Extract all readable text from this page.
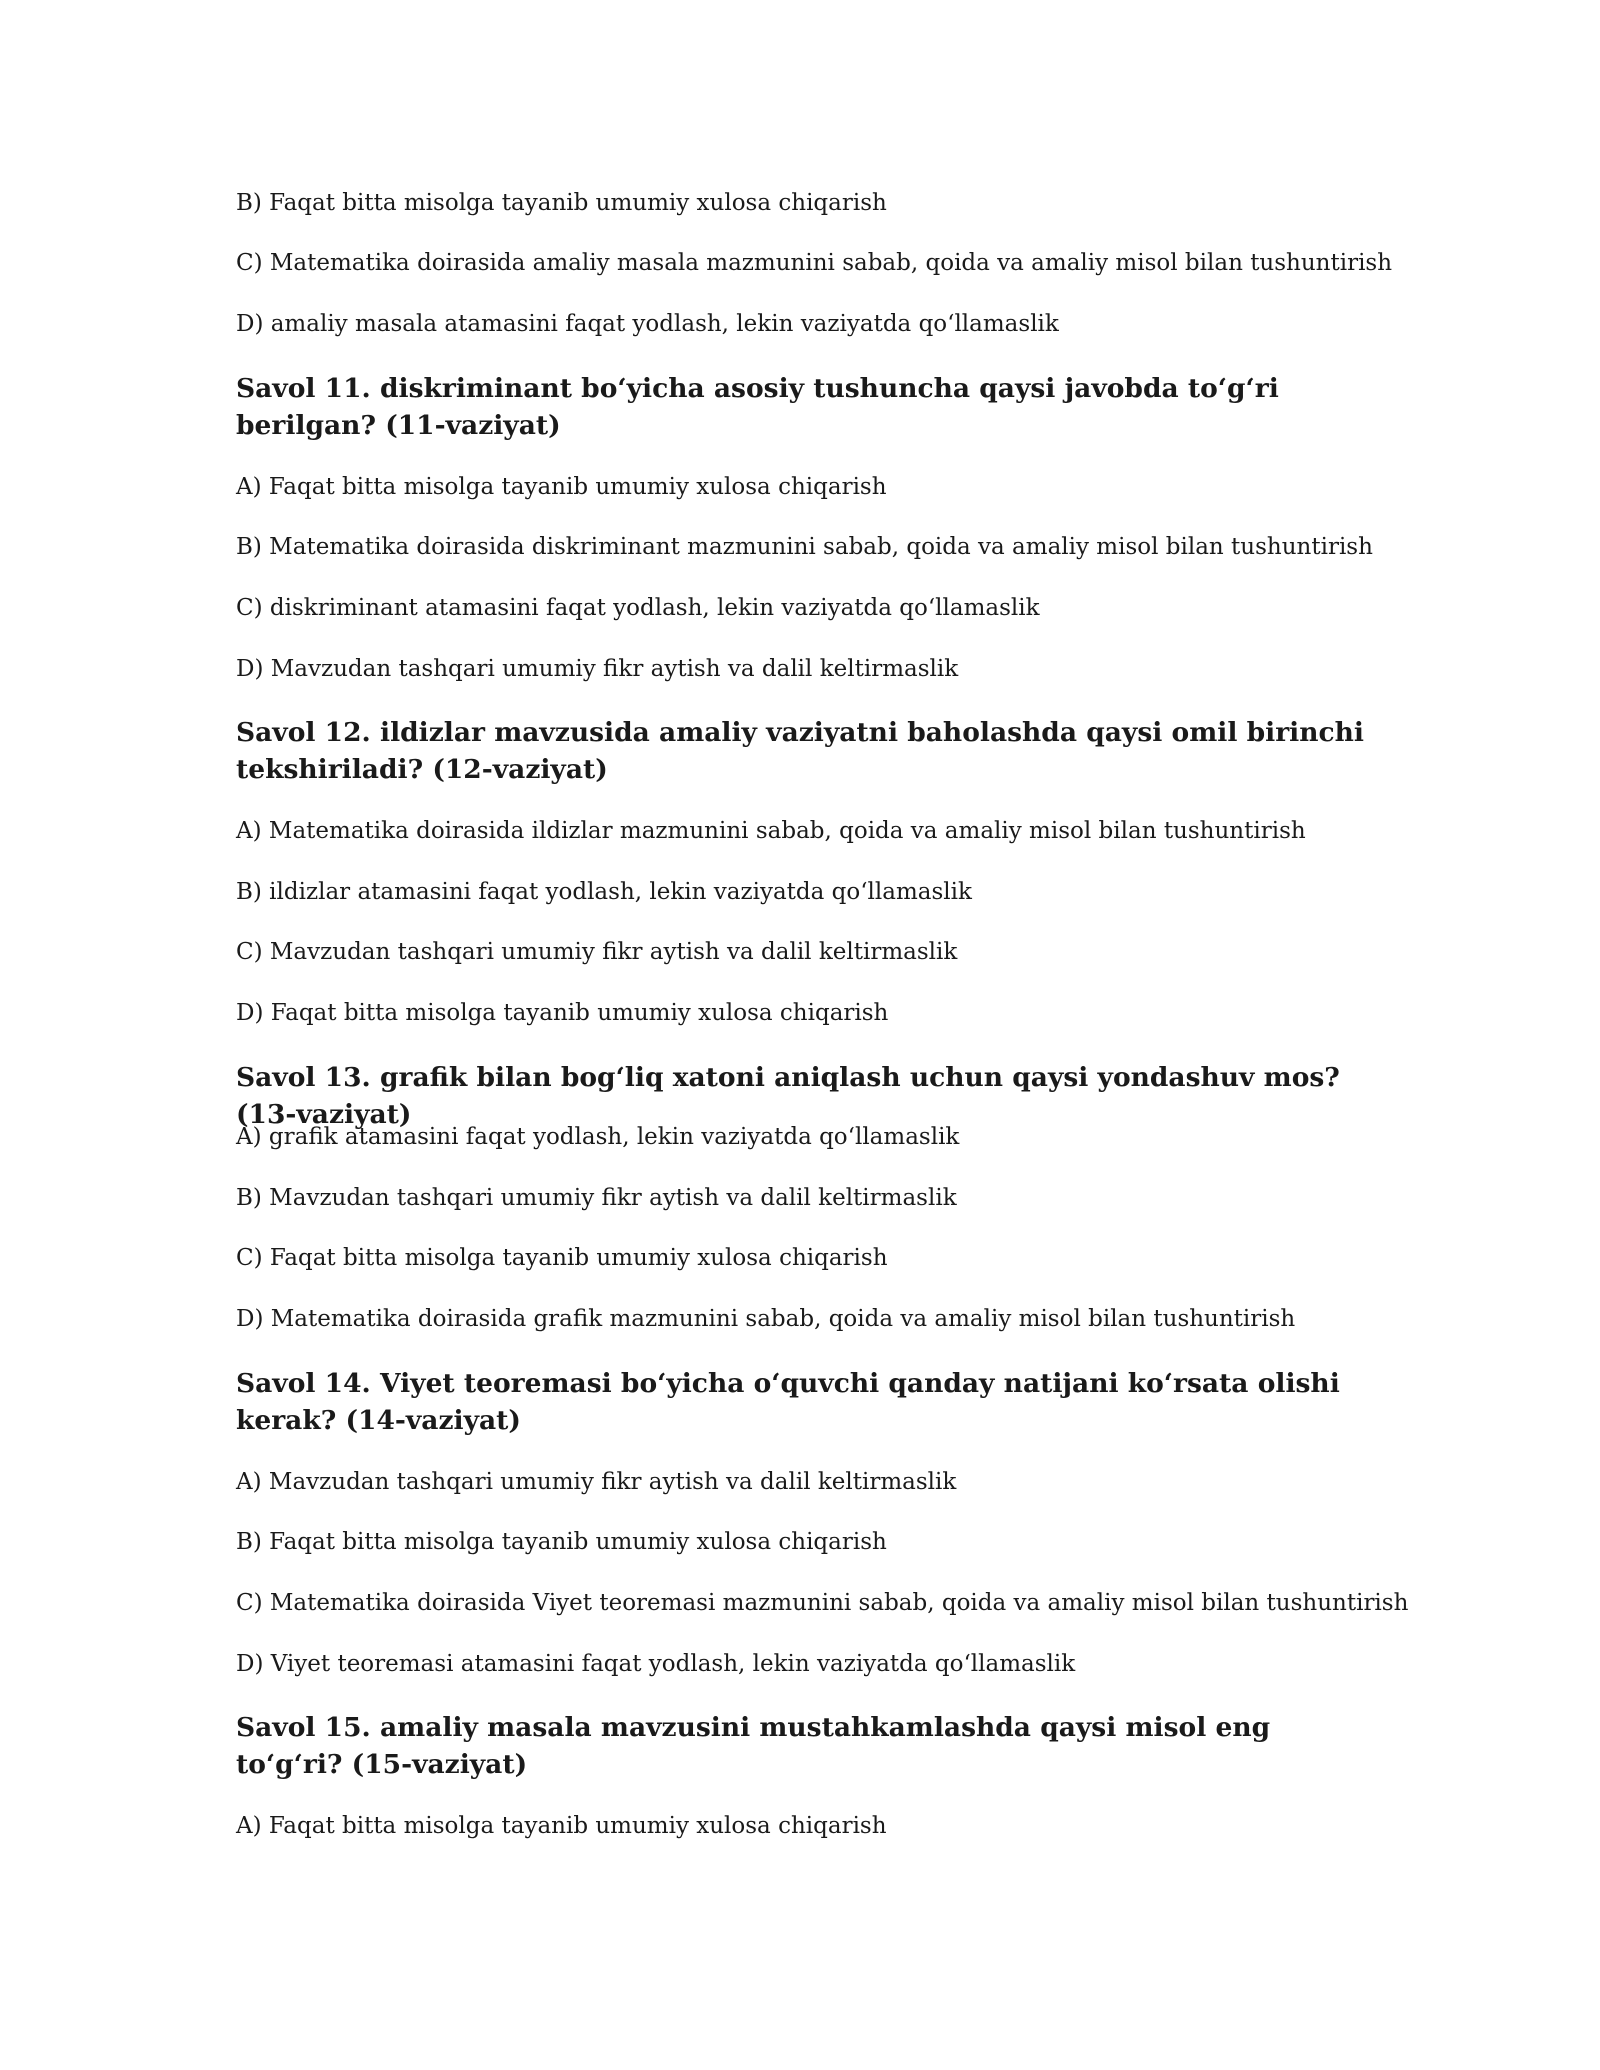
B) Faqat bitta misolga tayanib umumiy xulosa chiqarish
C) Matematika doirasida amaliy masala mazmunini sabab, qoida va amaliy misol bilan tushuntirish
D) amaliy masala atamasini faqat yodlash, lekin vaziyatda qo‘llamaslik
Savol 11. diskriminant bo‘yicha asosiy tushuncha qaysi javobda to‘g‘ri berilgan? (11-vaziyat)
A) Faqat bitta misolga tayanib umumiy xulosa chiqarish
B) Matematika doirasida diskriminant mazmunini sabab, qoida va amaliy misol bilan tushuntirish
C) diskriminant atamasini faqat yodlash, lekin vaziyatda qo‘llamaslik
D) Mavzudan tashqari umumiy fikr aytish va dalil keltirmaslik
Savol 12. ildizlar mavzusida amaliy vaziyatni baholashda qaysi omil birinchi tekshiriladi? (12-vaziyat)
A) Matematika doirasida ildizlar mazmunini sabab, qoida va amaliy misol bilan tushuntirish
B) ildizlar atamasini faqat yodlash, lekin vaziyatda qo‘llamaslik
C) Mavzudan tashqari umumiy fikr aytish va dalil keltirmaslik
D) Faqat bitta misolga tayanib umumiy xulosa chiqarish
Savol 13. grafik bilan bog‘liq xatoni aniqlash uchun qaysi yondashuv mos? (13-vaziyat)
A) grafik atamasini faqat yodlash, lekin vaziyatda qo‘llamaslik
B) Mavzudan tashqari umumiy fikr aytish va dalil keltirmaslik
C) Faqat bitta misolga tayanib umumiy xulosa chiqarish
D) Matematika doirasida grafik mazmunini sabab, qoida va amaliy misol bilan tushuntirish
Savol 14. Viyet teoremasi bo‘yicha o‘quvchi qanday natijani ko‘rsata olishi kerak? (14-vaziyat)
A) Mavzudan tashqari umumiy fikr aytish va dalil keltirmaslik
B) Faqat bitta misolga tayanib umumiy xulosa chiqarish
C) Matematika doirasida Viyet teoremasi mazmunini sabab, qoida va amaliy misol bilan tushuntirish
D) Viyet teoremasi atamasini faqat yodlash, lekin vaziyatda qo‘llamaslik
Savol 15. amaliy masala mavzusini mustahkamlashda qaysi misol eng to‘g‘ri? (15-vaziyat)
A) Faqat bitta misolga tayanib umumiy xulosa chiqarish
